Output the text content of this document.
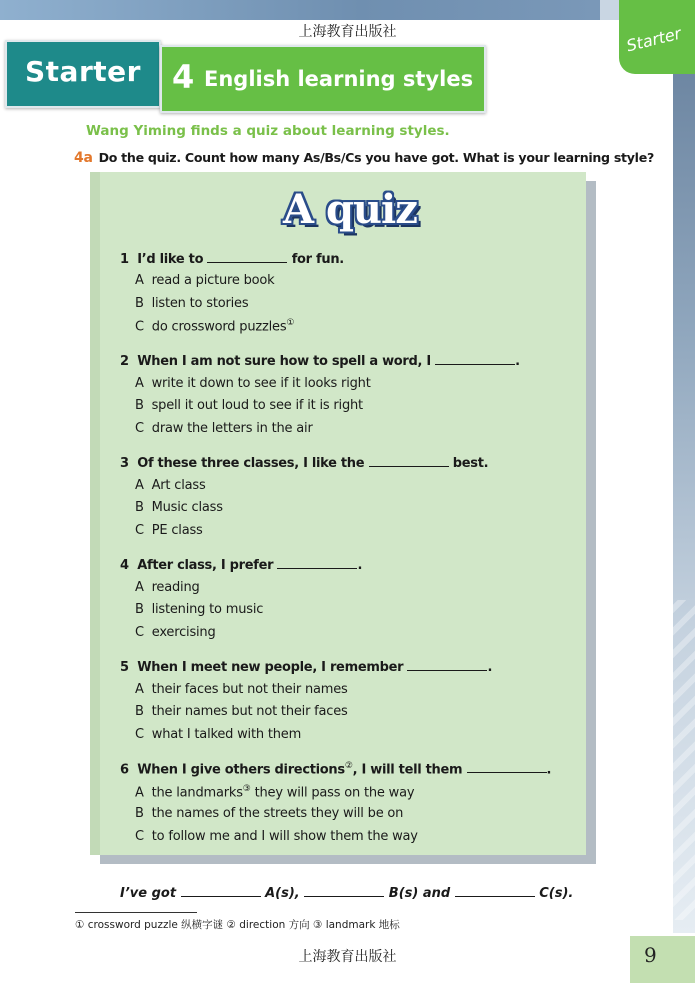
上海教育出版社	Starter
Starter 4 English learning styles
Wang Yiming finds a quiz about learning styles.
4a Do the quiz. Count how many As/Bs/Cs you have got. What is your learning style?
A quiz
1 I’d like to	for fun.
A read a picture book
B listen to stories
C do crossword puzzles①
2 When I am not sure how to spell a word, I	.
A write it down to see if it looks right
B spell it out loud to see if it is right
C draw the letters in the air
3 Of these three classes, I like the	best.
A Art class
B Music class
C PE class
4 After class, I prefer	.
A reading
B listening to music
C exercising
5 When I meet new people, I remember	.
A their faces but not their names
B their names but not their faces
C what I talked with them
6 When I give others directions②, I will tell them	.
A the landmarks③ they will pass on the way
B the names of the streets they will be on
C to follow me and I will show them the way
I’ve got	A(s),	B(s) and	C(s).
① crossword puzzle 纵横字谜 ② direction 方向 ③ landmark 地标
上海教育出版社	9
